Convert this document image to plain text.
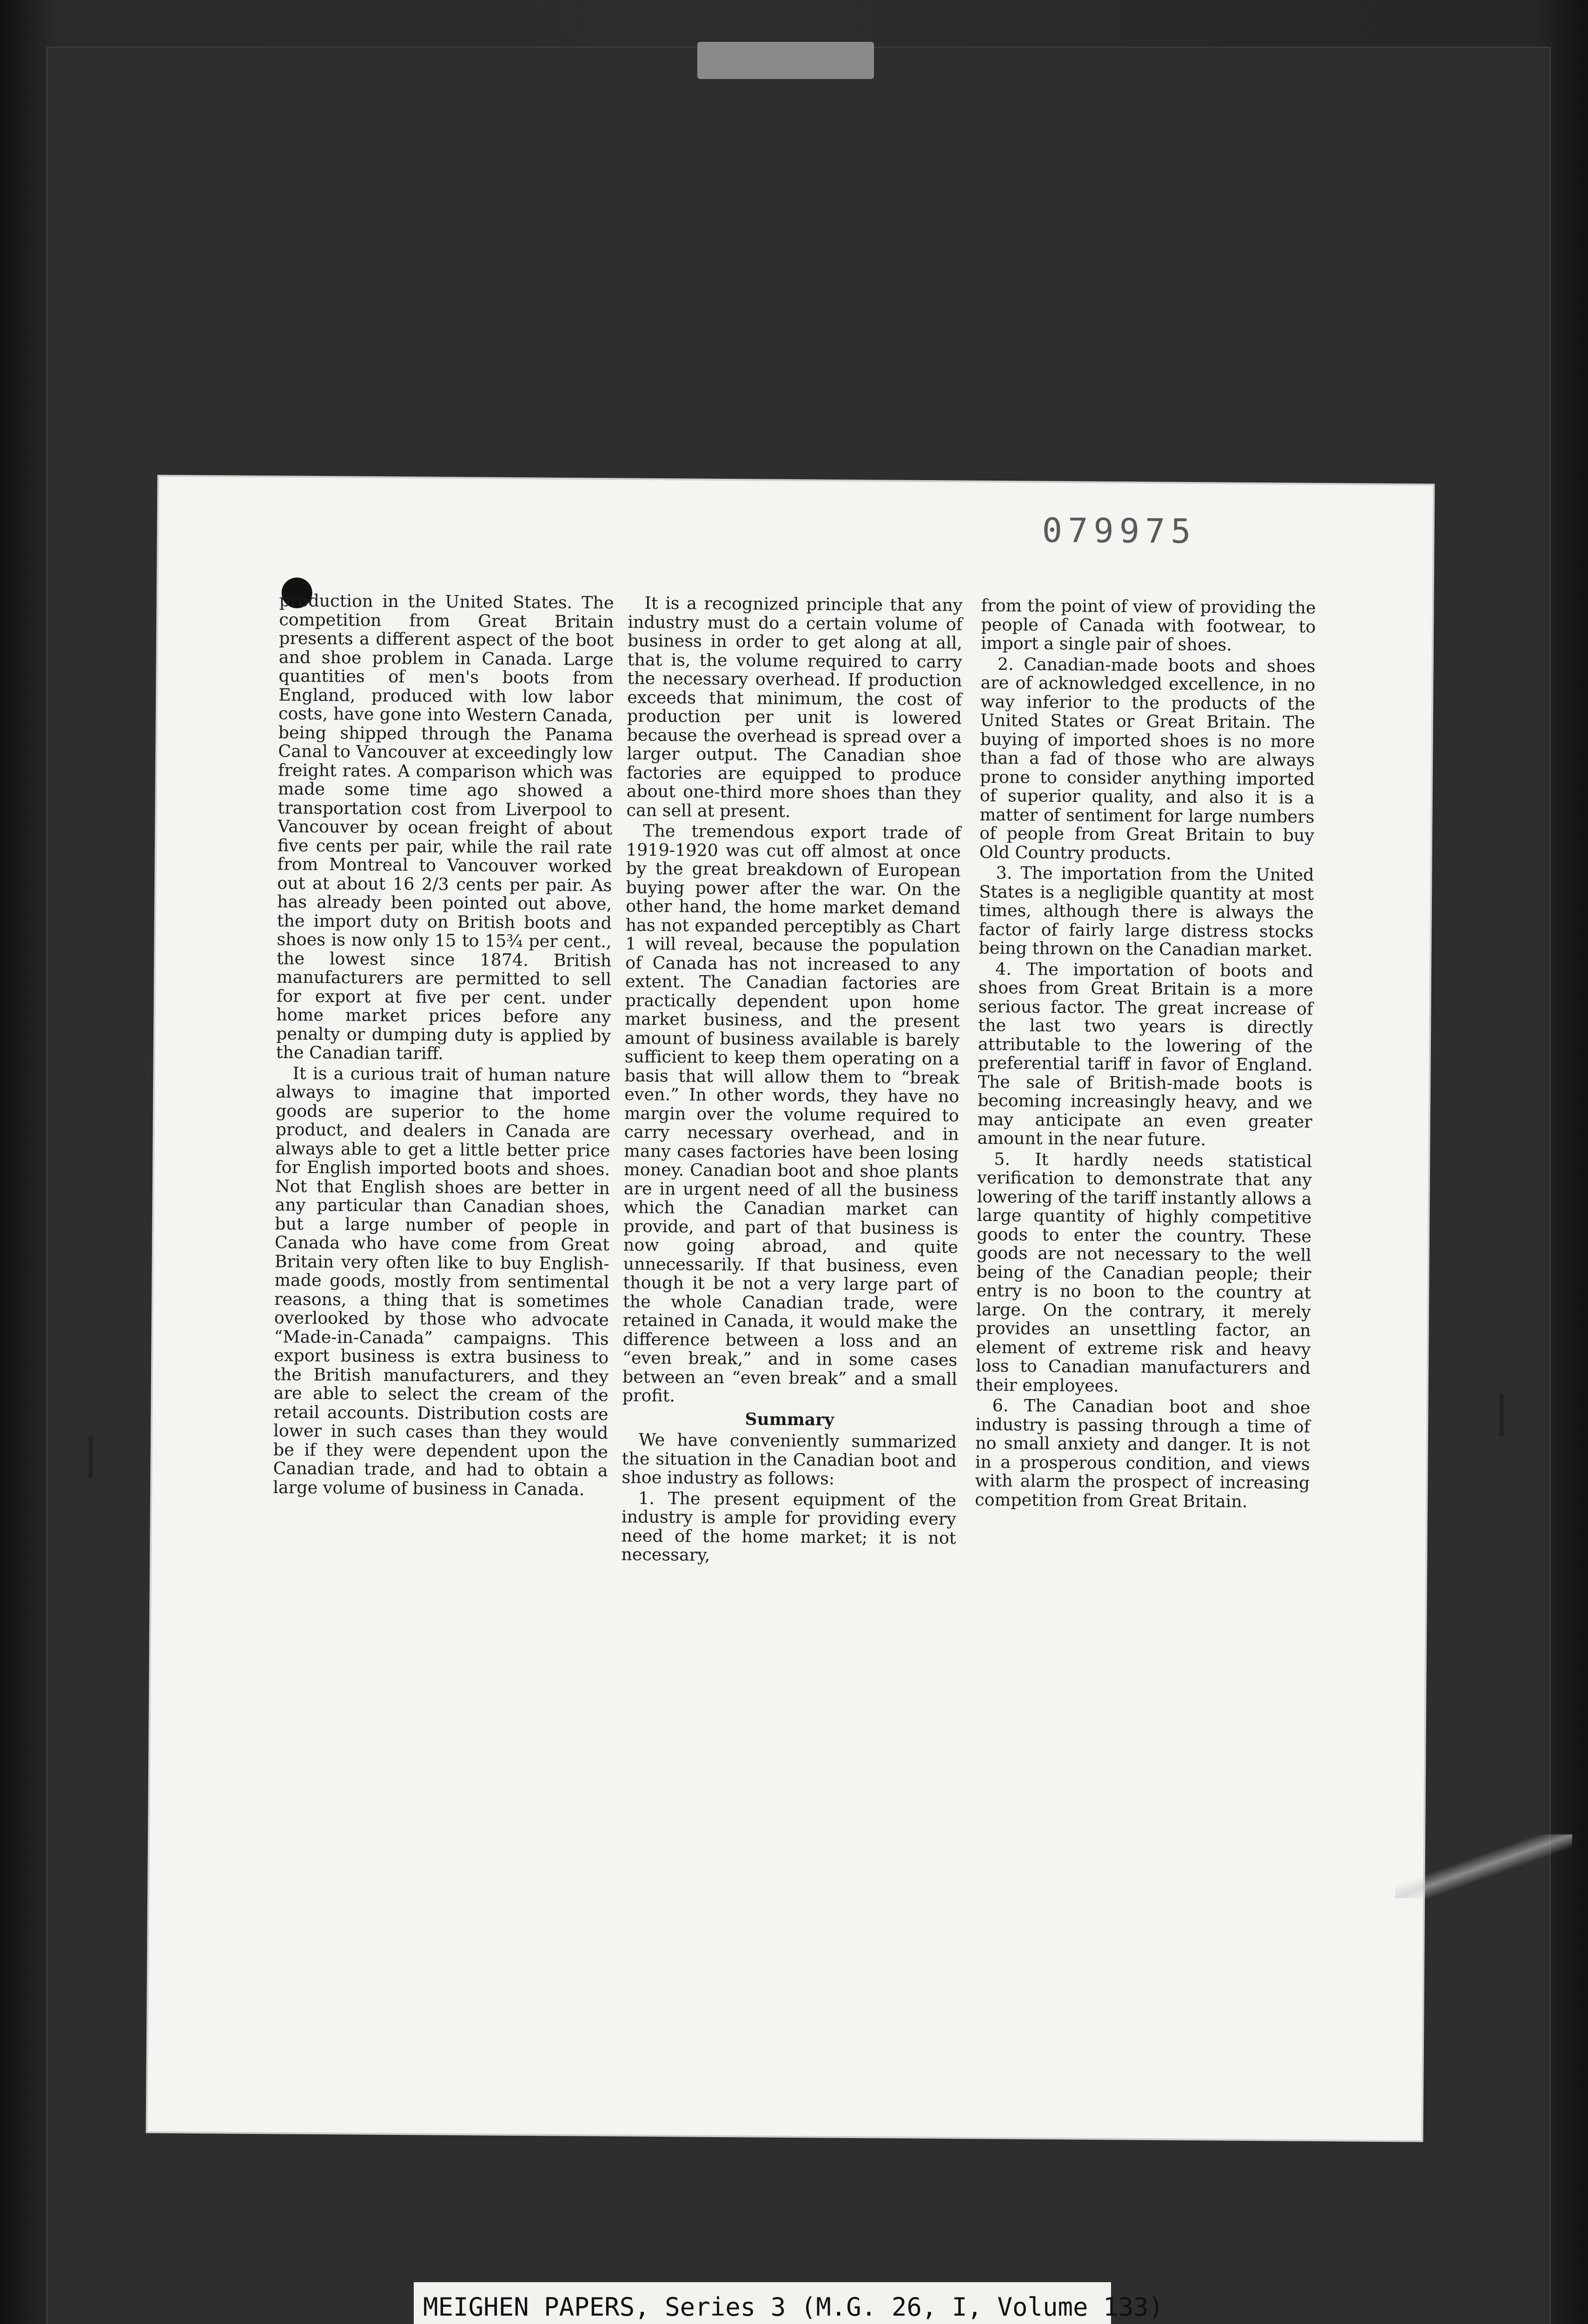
079975

production in the United States. The competition from Great Britain presents a different aspect of the boot and shoe problem in Canada. Large quantities of men's boots from England, produced with low labor costs, have gone into Western Canada, being shipped through the Panama Canal to Vancouver at exceedingly low freight rates. A comparison which was made some time ago showed a transportation cost from Liverpool to Vancouver by ocean freight of about five cents per pair, while the rail rate from Montreal to Vancouver worked out at about 16 2/3 cents per pair. As has already been pointed out above, the import duty on British boots and shoes is now only 15 to 15¾ per cent., the lowest since 1874. British manufacturers are permitted to sell for export at five per cent. under home market prices before any penalty or dumping duty is applied by the Canadian tariff.

It is a curious trait of human nature always to imagine that imported goods are superior to the home product, and dealers in Canada are always able to get a little better price for English imported boots and shoes. Not that English shoes are better in any particular than Canadian shoes, but a large number of people in Canada who have come from Great Britain very often like to buy English-made goods, mostly from sentimental reasons, a thing that is sometimes overlooked by those who advocate “Made-in-Canada” campaigns. This export business is extra business to the British manufacturers, and they are able to select the cream of the retail accounts. Distribution costs are lower in such cases than they would be if they were dependent upon the Canadian trade, and had to obtain a large volume of business in Canada.

It is a recognized principle that any industry must do a certain volume of business in order to get along at all, that is, the volume required to carry the necessary overhead. If production exceeds that minimum, the cost of production per unit is lowered because the overhead is spread over a larger output. The Canadian shoe factories are equipped to produce about one-third more shoes than they can sell at present.

The tremendous export trade of 1919-1920 was cut off almost at once by the great breakdown of European buying power after the war. On the other hand, the home market demand has not expanded perceptibly as Chart 1 will reveal, because the population of Canada has not increased to any extent. The Canadian factories are practically dependent upon home market business, and the present amount of business available is barely sufficient to keep them operating on a basis that will allow them to “break even.” In other words, they have no margin over the volume required to carry necessary overhead, and in many cases factories have been losing money. Canadian boot and shoe plants are in urgent need of all the business which the Canadian market can provide, and part of that business is now going abroad, and quite unnecessarily. If that business, even though it be not a very large part of the whole Canadian trade, were retained in Canada, it would make the difference between a loss and an “even break,” and in some cases between an “even break” and a small profit.

Summary

We have conveniently summarized the situation in the Canadian boot and shoe industry as follows:

1. The present equipment of the industry is ample for providing every need of the home market; it is not necessary,

from the point of view of providing the people of Canada with footwear, to import a single pair of shoes.

2. Canadian-made boots and shoes are of acknowledged excellence, in no way inferior to the products of the United States or Great Britain. The buying of imported shoes is no more than a fad of those who are always prone to consider anything imported of superior quality, and also it is a matter of sentiment for large numbers of people from Great Britain to buy Old Country products.

3. The importation from the United States is a negligible quantity at most times, although there is always the factor of fairly large distress stocks being thrown on the Canadian market.

4. The importation of boots and shoes from Great Britain is a more serious factor. The great increase of the last two years is directly attributable to the lowering of the preferential tariff in favor of England. The sale of British-made boots is becoming increasingly heavy, and we may anticipate an even greater amount in the near future.

5. It hardly needs statistical verification to demonstrate that any lowering of the tariff instantly allows a large quantity of highly competitive goods to enter the country. These goods are not necessary to the well being of the Canadian people; their entry is no boon to the country at large. On the contrary, it merely provides an unsettling factor, an element of extreme risk and heavy loss to Canadian manufacturers and their employees.

6. The Canadian boot and shoe industry is passing through a time of no small anxiety and danger. It is not in a prosperous condition, and views with alarm the prospect of increasing competition from Great Britain.

MEIGHEN PAPERS, Series 3 (M.G. 26, I, Volume 133)
